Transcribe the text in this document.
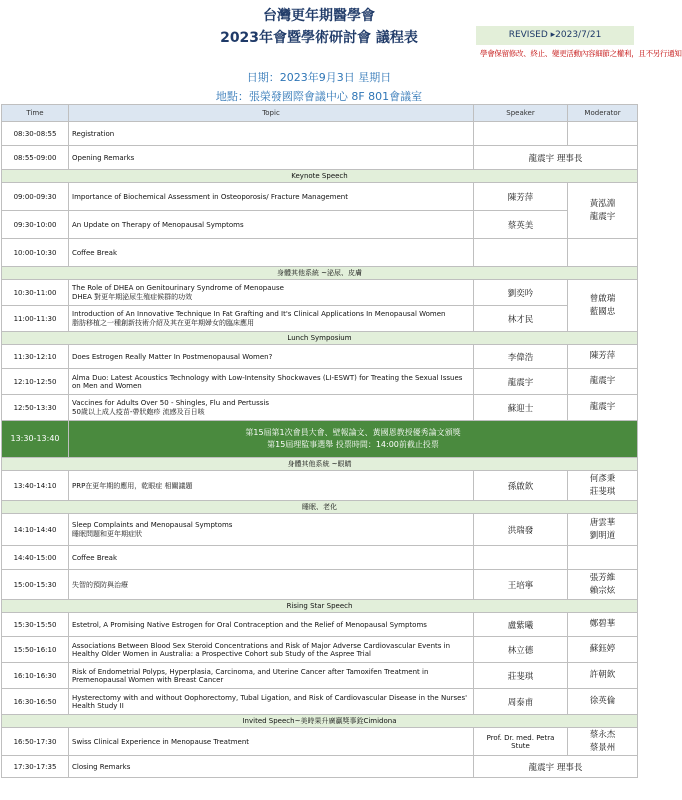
台灣更年期醫學會
2023年會暨學術研討會 議程表	REVISED ▸2023/7/21
學會保留修改、終止、變更活動內容細節之權利，且不另行通知
日期：2023年9月3日 星期日
地點：張榮發國際會議中心 8F 801會議室
Time	Topic	Speaker	Moderator
08:30-08:55	Registration		
08:55-09:00	Opening Remarks	龍震宇 理事長	
Keynote Speech			
09:00-09:30	Importance of Biochemical Assessment in Osteoporosis/ Fracture Management	陳芳萍	黃泓淵
龍震宇

09:30-10:00	An Update on Therapy of Menopausal Symptoms	蔡英美	
10:00-10:30	Coffee Break		
身體其他系統 ~泌尿、皮膚			
10:30-11:00	The Role of DHEA on Genitourinary Syndrome of Menopause
DHEA 對更年期泌尿生殖症候群的功效	劉奕吟	曾啟瑞
藍國忠

11:00-11:30	Introduction of An Innovative Technique In Fat Grafting and It's Clinical Applications In Menopausal Women
脂肪移植之一種創新技術介紹及其在更年期婦女的臨床應用	林才民	
Lunch Symposium			
11:30-12:10	Does Estrogen Really Matter In Postmenopausal Women?	李偉浩	陳芳萍
12:10-12:50	Alma Duo: Latest Acoustics Technology with Low-Intensity Shockwaves (LI-ESWT) for Treating the Sexual Issues on Men and Women	龍震宇	龍震宇
12:50-13:30	Vaccines for Adults Over 50 - Shingles, Flu and Pertussis
50歲以上成人疫苗-帶狀皰疹 流感及百日咳	蘇迎士	龍震宇
13:30-13:40	第15屆第1次會員大會、壁報論文、黃國恩教授優秀論文頒獎
第15屆理監事選舉 投票時間：14:00前截止投票		

身體其他系統 ~眼睛			
13:40-14:10	PRP在更年期的應用，乾眼症 相關議題	孫啟欽	何彥秉
莊斐琪

睡眠、老化			
14:10-14:40	Sleep Complaints and Menopausal Symptoms
睡眠問題和更年期症狀	洪瑞發	唐雲華
劉明道

14:40-15:00	Coffee Break		
15:00-15:30	失智的預防與治療	王培寧	張芳維
賴宗炫

Rising Star Speech			
15:30-15:50	Estetrol, A Promising Native Estrogen for Oral Contraception and the Relief of Menopausal Symptoms	盧紫曦	鄭碧華
15:50-16:10	Associations Between Blood Sex Steroid Concentrations and Risk of Major Adverse Cardiovascular Events in Healthy Older Women in Australia: a Prospective Cohort sub Study of the Aspree Trial	林立德	蘇鈺婷
16:10-16:30	Risk of Endometrial Polyps, Hyperplasia, Carcinoma, and Uterine Cancer after Tamoxifen Treatment in Premenopausal Women with Breast Cancer	莊斐琪	許朝欽
16:30-16:50	Hysterectomy with and without Oophorectomy, Tubal Ligation, and Risk of Cardiovascular Disease in the Nurses' Health Study II	周泰甫	徐英倫
Invited Speech~美時果升廣贏獎事銓Cimidona			
16:50-17:30	Swiss Clinical Experience in Menopause Treatment	Prof. Dr. med. Petra Stute	蔡永杰
蔡景州

17:30-17:35	Closing Remarks	龍震宇 理事長	
